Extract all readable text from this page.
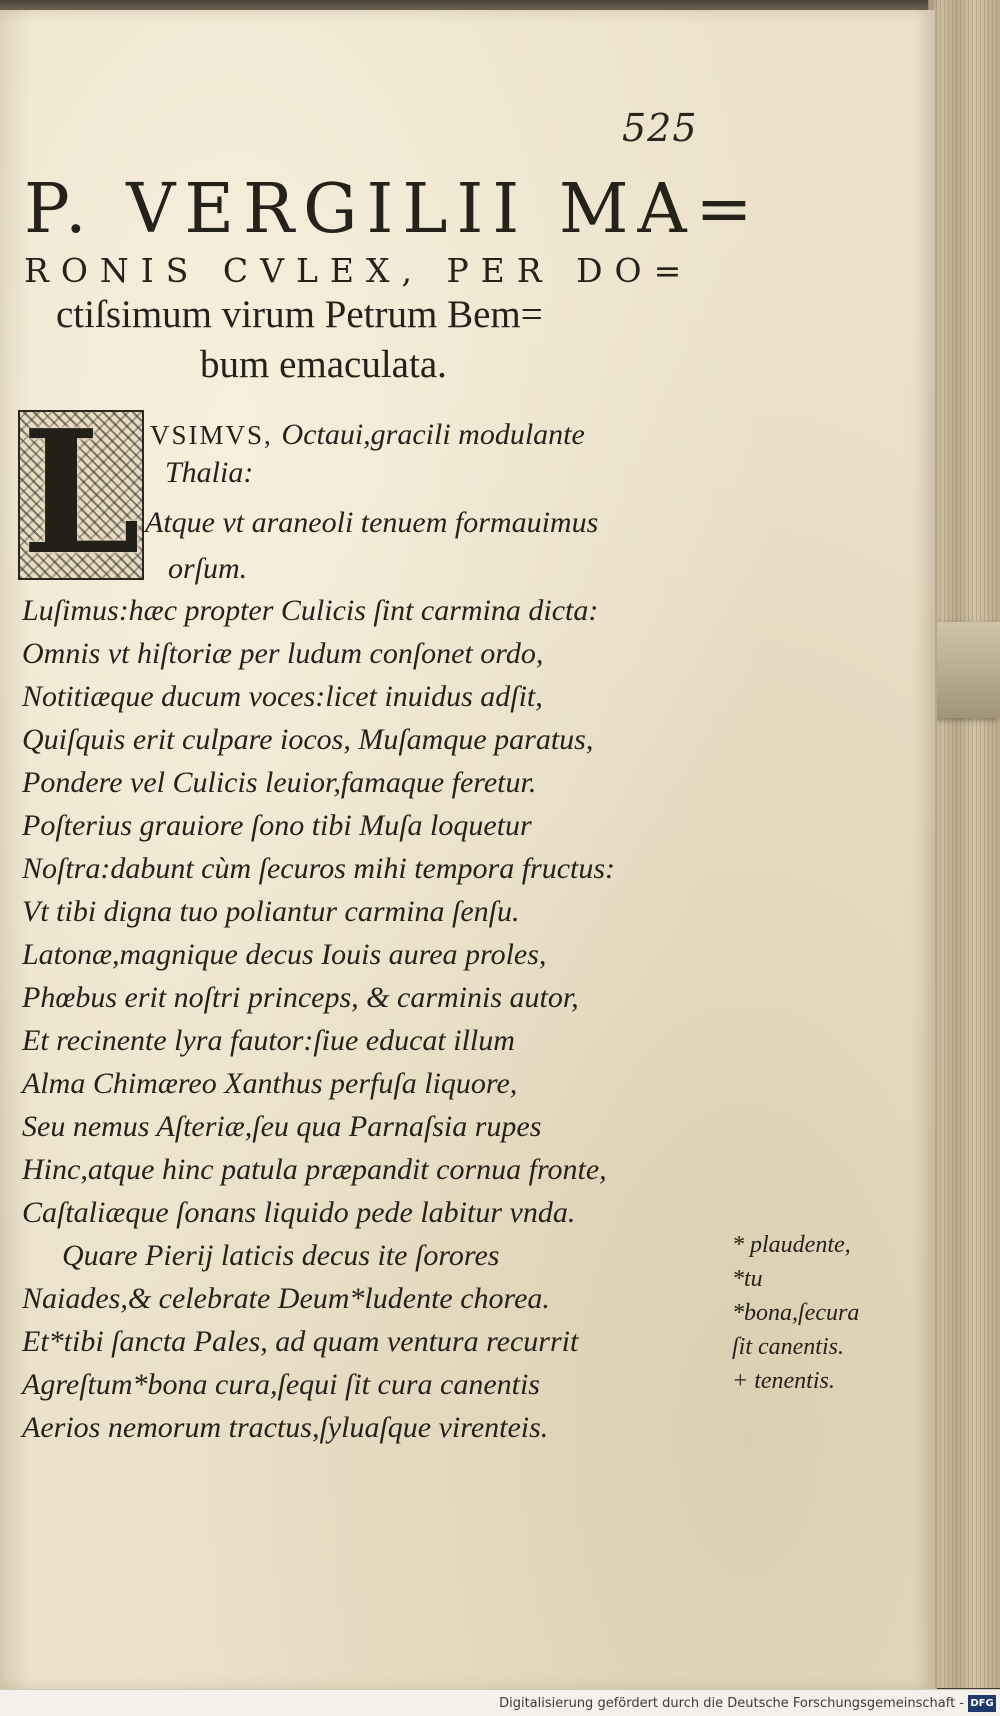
525
P. VERGILII MA=
RONIS CVLEX, PER DO=
ctiſsimum virum Petrum Bem=
bum emaculata.
L VSIMVS, Octaui,gracili modulante
Thalia:
Atque vt araneoli tenuem formauimus
orſum.
Luſimus:hæc propter Culicis ſint carmina dicta:
Omnis vt hiſtoriæ per ludum conſonet ordo,
Notitiæque ducum voces:licet inuidus adſit,
Quiſquis erit culpare iocos, Muſamque paratus,
Pondere vel Culicis leuior,famaque feretur.
Poſterius grauiore ſono tibi Muſa loquetur
Noſtra:dabunt cùm ſecuros mihi tempora fructus:
Vt tibi digna tuo poliantur carmina ſenſu.
Latonæ,magnique decus Iouis aurea proles,
Phœbus erit noſtri princeps, & carminis autor,
Et recinente lyra fautor:ſiue educat illum
Alma Chimæreo Xanthus perfuſa liquore,
Seu nemus Aſteriæ,ſeu qua Parnaſsia rupes
Hinc,atque hinc patula præpandit cornua fronte,
Caſtaliæque ſonans liquido pede labitur vnda.
Quare Pierij laticis decus ite ſorores
Naiades,& celebrate Deum*ludente chorea.
Et*tibi ſancta Pales, ad quam ventura recurrit
Agreſtum*bona cura,ſequi ſit cura canentis
Aerios nemorum tractus,ſyluaſque virenteis.
* plaudente,
*tu
*bona,ſecura
ſit canentis.
+ tenentis.
Digitalisierung gefördert durch die Deutsche Forschungsgemeinschaft - DFG
